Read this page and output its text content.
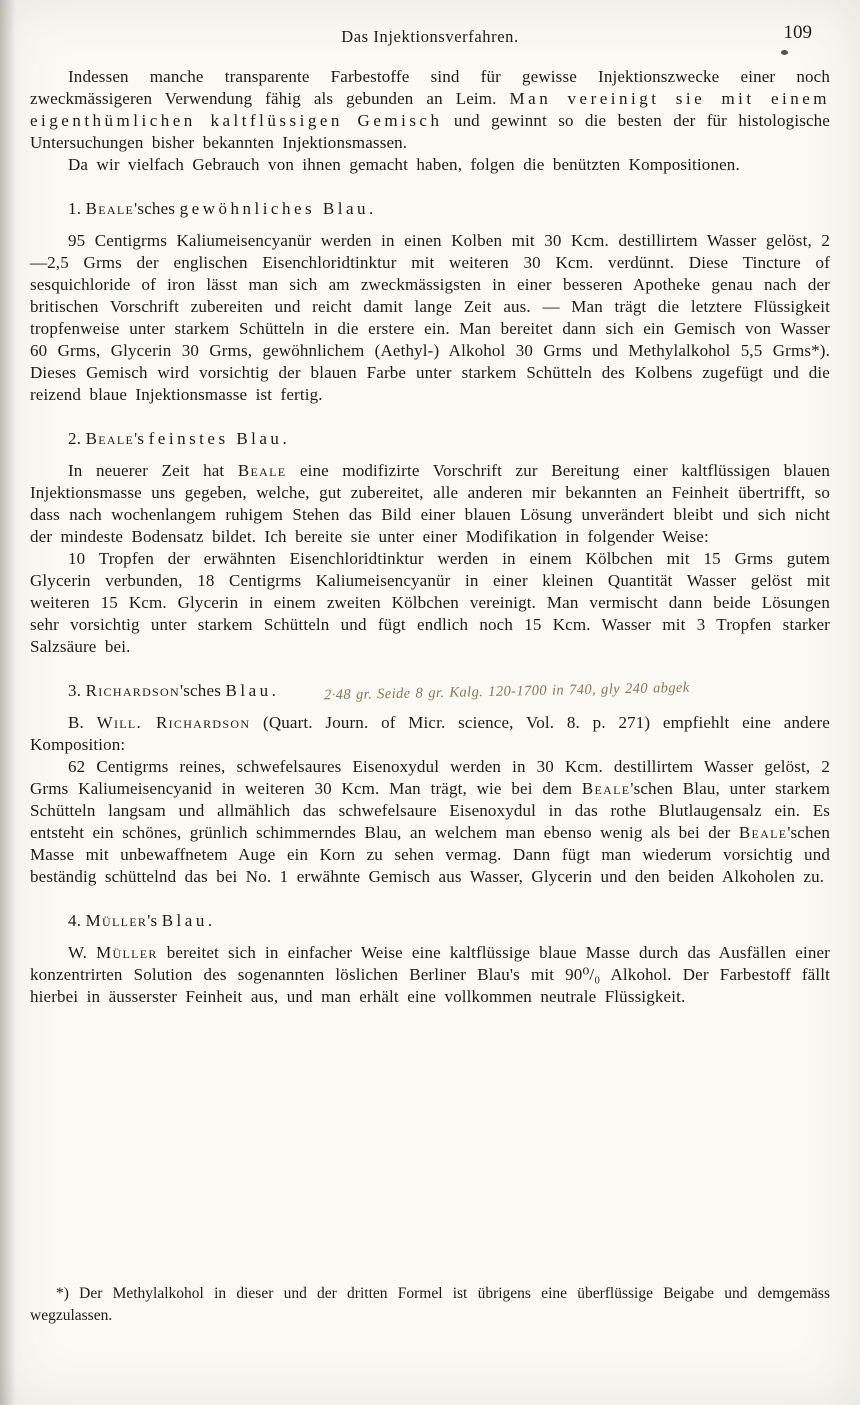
Das Injektionsverfahren.	109

Indessen manche transparente Farbestoffe sind für gewisse Injektionszwecke einer noch zweckmässigeren Verwendung fähig als gebunden an Leim. Man vereinigt sie mit einem eigenthümlichen kaltflüssigen Gemisch und gewinnt so die besten der für histologische Untersuchungen bisher bekannten Injektionsmassen.

Da wir vielfach Gebrauch von ihnen gemacht haben, folgen die benützten Kompositionen.

1. Beale'sches gewöhnliches Blau.

95 Centigrms Kaliumeisencyanür werden in einen Kolben mit 30 Kcm. destillirtem Wasser gelöst, 2—2,5 Grms der englischen Eisenchloridtinktur mit weiteren 30 Kcm. verdünnt. Diese Tincture of sesquichloride of iron lässt man sich am zweckmässigsten in einer besseren Apotheke genau nach der britischen Vorschrift zubereiten und reicht damit lange Zeit aus. — Man trägt die letztere Flüssigkeit tropfenweise unter starkem Schütteln in die erstere ein. Man bereitet dann sich ein Gemisch von Wasser 60 Grms, Glycerin 30 Grms, gewöhnlichem (Aethyl-) Alkohol 30 Grms und Methylalkohol 5,5 Grms*). Dieses Gemisch wird vorsichtig der blauen Farbe unter starkem Schütteln des Kolbens zugefügt und die reizend blaue Injektionsmasse ist fertig.

2. Beale's feinstes Blau.

In neuerer Zeit hat Beale eine modifizirte Vorschrift zur Bereitung einer kaltflüssigen blauen Injektionsmasse uns gegeben, welche, gut zubereitet, alle anderen mir bekannten an Feinheit übertrifft, so dass nach wochenlangem ruhigem Stehen das Bild einer blauen Lösung unverändert bleibt und sich nicht der mindeste Bodensatz bildet. Ich bereite sie unter einer Modifikation in folgender Weise:

10 Tropfen der erwähnten Eisenchloridtinktur werden in einem Kölbchen mit 15 Grms gutem Glycerin verbunden, 18 Centigrms Kaliumeisencyanür in einer kleinen Quantität Wasser gelöst mit weiteren 15 Kcm. Glycerin in einem zweiten Kölbchen vereinigt. Man vermischt dann beide Lösungen sehr vorsichtig unter starkem Schütteln und fügt endlich noch 15 Kcm. Wasser mit 3 Tropfen starker Salzsäure bei.

3. Richardson'sches Blau.	2·48 gr. Seide 8 gr. Kalg. 120-1700 in 740, gly 240 abgek

B. Will. Richardson (Quart. Journ. of Micr. science, Vol. 8. p. 271) empfiehlt eine andere Komposition:

62 Centigrms reines, schwefelsaures Eisenoxydul werden in 30 Kcm. destillirtem Wasser gelöst, 2 Grms Kaliumeisencyanid in weiteren 30 Kcm. Man trägt, wie bei dem Beale'schen Blau, unter starkem Schütteln langsam und allmählich das schwefelsaure Eisenoxydul in das rothe Blutlaugensalz ein. Es entsteht ein schönes, grünlich schimmerndes Blau, an welchem man ebenso wenig als bei der Beale'schen Masse mit unbewaffnetem Auge ein Korn zu sehen vermag. Dann fügt man wiederum vorsichtig und beständig schüttelnd das bei No. 1 erwähnte Gemisch aus Wasser, Glycerin und den beiden Alkoholen zu.

4. Müller's Blau.

W. Müller bereitet sich in einfacher Weise eine kaltflüssige blaue Masse durch das Ausfällen einer konzentrirten Solution des sogenannten löslichen Berliner Blau's mit 90⁰/₀ Alkohol. Der Farbestoff fällt hierbei in äusserster Feinheit aus, und man erhält eine vollkommen neutrale Flüssigkeit.

*) Der Methylalkohol in dieser und der dritten Formel ist übrigens eine überflüssige Beigabe und demgemäss wegzulassen.
